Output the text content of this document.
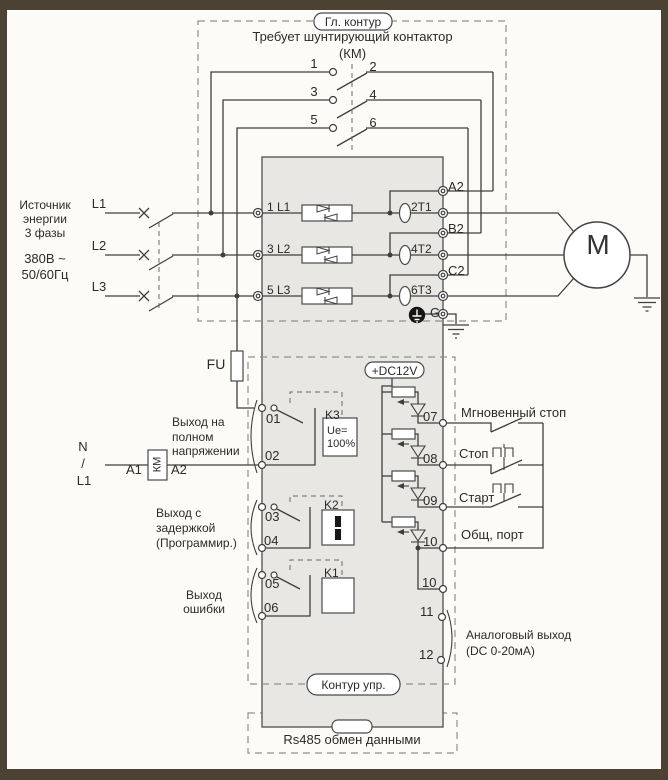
Гл. контур
Требует шунтирующий контактор
(КМ)
1	2
3	4
5	6
Источник
энергии
3 фазы
380В ~
50/60Гц
L1
L2
L3
1 L1
3 L2
5 L3
2T1
4T2
6T3
A2
B2
C2
G
M
FU	+DC12V
Выход на
полном
напряжении
01
02
K3
Ue=
100%
Выход с
задержкой
(Программир.)
03
04
K2
Выход
ошибки
05
06
K1
N
/
L1
A1 A2
КМ
07
08
09
10
10
11
12
Мгновенный стоп
Стоп
Старт
Общ, порт
Аналоговый выход
(DC 0-20мА)
Контур упр.
Rs485 обмен данными
